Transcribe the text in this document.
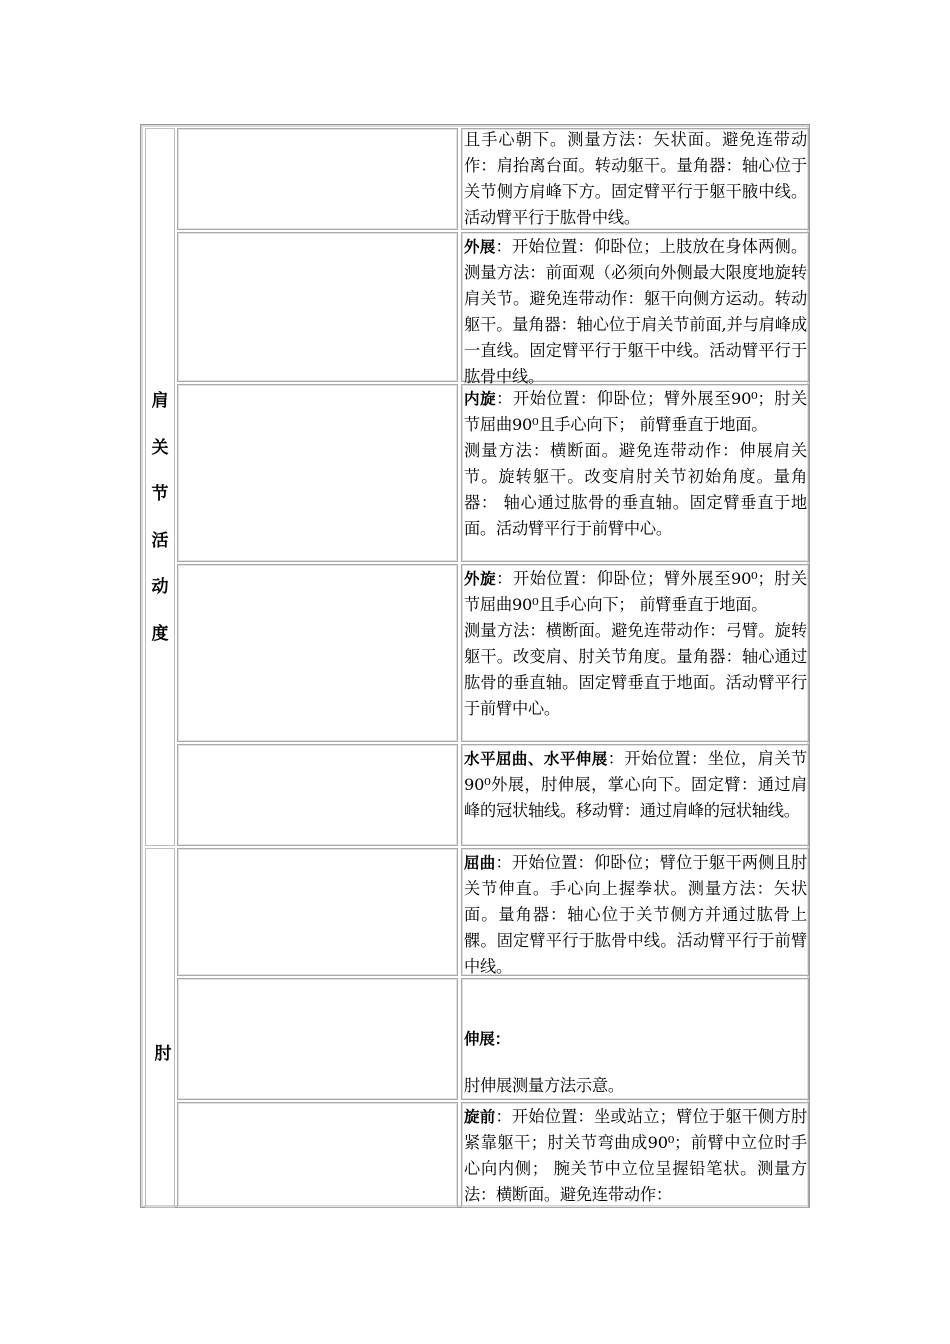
肩
关
节
活
动
度
肘

且手心朝下。测量方法：矢状面。避免连带动作：肩抬离台面。转动躯干。量角器：轴心位于关节侧方肩峰下方。固定臂平行于躯干腋中线。活动臂平行于肱骨中线。

外展：开始位置：仰卧位；上肢放在身体两侧。测量方法：前面观（必须向外侧最大限度地旋转肩关节。避免连带动作：躯干向侧方运动。转动躯干。量角器：轴心位于肩关节前面,并与肩峰成一直线。固定臂平行于躯干中线。活动臂平行于肱骨中线。

内旋：开始位置：仰卧位；臂外展至90⁰；肘关节屈曲90⁰且手心向下； 前臂垂直于地面。

测量方法：横断面。避免连带动作：伸展肩关节。旋转躯干。改变肩肘关节初始角度。量角器： 轴心通过肱骨的垂直轴。固定臂垂直于地面。活动臂平行于前臂中心。

外旋：开始位置：仰卧位；臂外展至90⁰；肘关节屈曲90⁰且手心向下； 前臂垂直于地面。

测量方法：横断面。避免连带动作：弓臂。旋转躯干。改变肩、肘关节角度。量角器：轴心通过肱骨的垂直轴。固定臂垂直于地面。活动臂平行于前臂中心。

水平屈曲、水平伸展：开始位置：坐位，肩关节90⁰外展，肘伸展，掌心向下。固定臂：通过肩峰的冠状轴线。移动臂：通过肩峰的冠状轴线。

屈曲：开始位置：仰卧位；臂位于躯干两侧且肘关节伸直。手心向上握拳状。测量方法：矢状面。量角器：轴心位于关节侧方并通过肱骨上髁。固定臂平行于肱骨中线。活动臂平行于前臂中线。

伸展：

肘伸展测量方法示意。

旋前：开始位置：坐或站立；臂位于躯干侧方肘紧靠躯干；肘关节弯曲成90⁰；前臂中立位时手心向内侧； 腕关节中立位呈握铅笔状。测量方法：横断面。避免连带动作：
